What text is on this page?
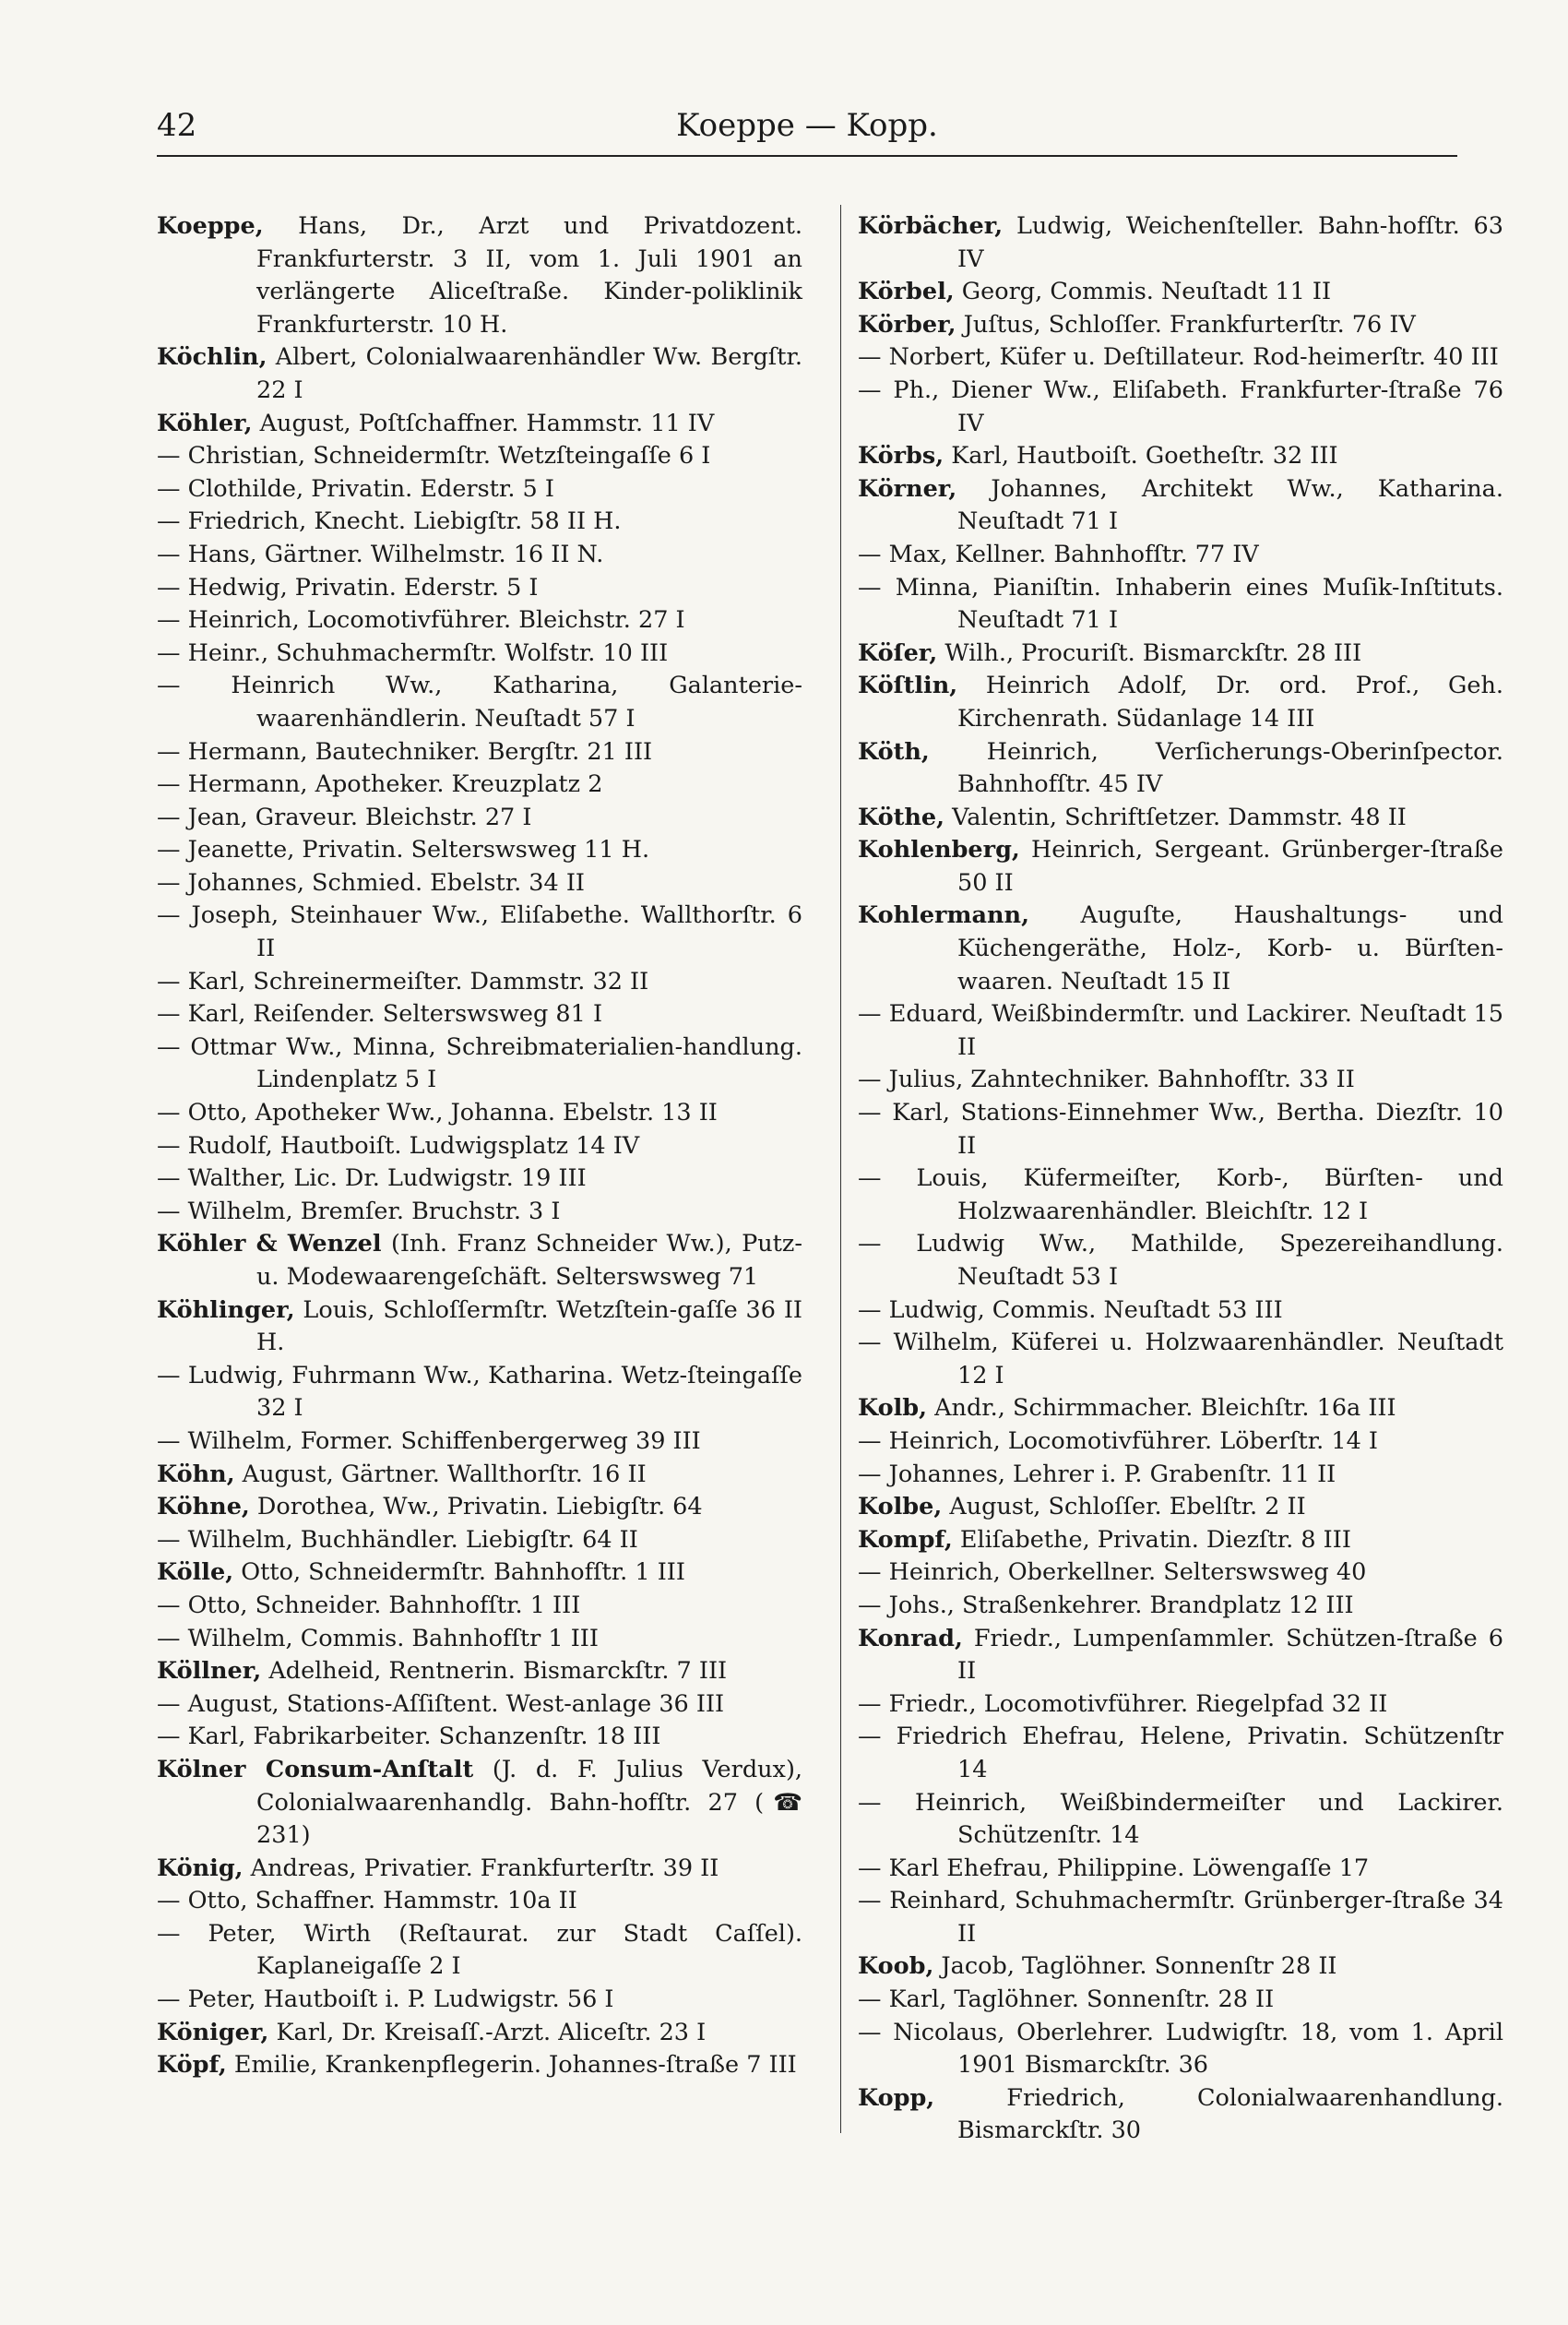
42	Koeppe — Kopp.
Koeppe, Hans, Dr., Arzt und Privatdozent. Frankfurterstr. 3 II, vom 1. Juli 1901 an verlängerte Aliceſtraße. Kinder-poliklinik Frankfurterstr. 10 H.
Köchlin, Albert, Colonialwaarenhändler Ww. Bergſtr. 22 I
Köhler, August, Poſtſchaffner. Hammstr. 11 IV
— Christian, Schneidermſtr. Wetzſteingaſſe 6 I
— Clothilde, Privatin. Ederstr. 5 I
— Friedrich, Knecht. Liebigſtr. 58 II H.
— Hans, Gärtner. Wilhelmstr. 16 II N.
— Hedwig, Privatin. Ederstr. 5 I
— Heinrich, Locomotivführer. Bleichstr. 27 I
— Heinr., Schuhmachermſtr. Wolfstr. 10 III
— Heinrich Ww., Katharina, Galanterie-waarenhändlerin. Neuſtadt 57 I
— Hermann, Bautechniker. Bergſtr. 21 III
— Hermann, Apotheker. Kreuzplatz 2
— Jean, Graveur. Bleichstr. 27 I
— Jeanette, Privatin. Selterswsweg 11 H.
— Johannes, Schmied. Ebelstr. 34 II
— Joseph, Steinhauer Ww., Eliſabethe. Wallthorſtr. 6 II
— Karl, Schreinermeiſter. Dammstr. 32 II
— Karl, Reiſender. Selterswsweg 81 I
— Ottmar Ww., Minna, Schreibmaterialien-handlung. Lindenplatz 5 I
— Otto, Apotheker Ww., Johanna. Ebelstr. 13 II
— Rudolf, Hautboiſt. Ludwigsplatz 14 IV
— Walther, Lic. Dr. Ludwigstr. 19 III
— Wilhelm, Bremſer. Bruchstr. 3 I
Köhler & Wenzel (Inh. Franz Schneider Ww.), Putz- u. Modewaarengeſchäft. Selterswsweg 71
Köhlinger, Louis, Schloſſermſtr. Wetzſtein-gaſſe 36 II H.
— Ludwig, Fuhrmann Ww., Katharina. Wetz-ſteingaſſe 32 I
— Wilhelm, Former. Schiffenbergerweg 39 III
Köhn, August, Gärtner. Wallthorſtr. 16 II
Köhne, Dorothea, Ww., Privatin. Liebigſtr. 64
— Wilhelm, Buchhändler. Liebigſtr. 64 II
Kölle, Otto, Schneidermſtr. Bahnhofſtr. 1 III
— Otto, Schneider. Bahnhofſtr. 1 III
— Wilhelm, Commis. Bahnhofſtr 1 III
Köllner, Adelheid, Rentnerin. Bismarckſtr. 7 III
— August, Stations-Aſſiſtent. West-anlage 36 III
— Karl, Fabrikarbeiter. Schanzenſtr. 18 III
Kölner Consum-Anſtalt (J. d. F. Julius Verdux), Colonialwaarenhandlg. Bahn-hofſtr. 27 (☎ 231)
König, Andreas, Privatier. Frankfurterſtr. 39 II
— Otto, Schaffner. Hammstr. 10a II
— Peter, Wirth (Reſtaurat. zur Stadt Caſſel). Kaplaneigaſſe 2 I
— Peter, Hautboiſt i. P. Ludwigstr. 56 I
Königer, Karl, Dr. Kreisaſſ.-Arzt. Aliceſtr. 23 I
Köpf, Emilie, Krankenpflegerin. Johannes-ſtraße 7 III
Körbächer, Ludwig, Weichenſteller. Bahn-hofſtr. 63 IV
Körbel, Georg, Commis. Neuſtadt 11 II
Körber, Juſtus, Schloſſer. Frankfurterſtr. 76 IV
— Norbert, Küfer u. Deſtillateur. Rod-heimerſtr. 40 III
— Ph., Diener Ww., Eliſabeth. Frankfurter-ſtraße 76 IV
Körbs, Karl, Hautboiſt. Goetheſtr. 32 III
Körner, Johannes, Architekt Ww., Katharina. Neuſtadt 71 I
— Max, Kellner. Bahnhofſtr. 77 IV
— Minna, Pianiſtin. Inhaberin eines Muſik-Inſtituts. Neuſtadt 71 I
Köſer, Wilh., Procuriſt. Bismarckſtr. 28 III
Köſtlin, Heinrich Adolf, Dr. ord. Prof., Geh. Kirchenrath. Südanlage 14 III
Köth, Heinrich, Verſicherungs-Oberinſpector. Bahnhofſtr. 45 IV
Köthe, Valentin, Schriftſetzer. Dammstr. 48 II
Kohlenberg, Heinrich, Sergeant. Grünberger-ſtraße 50 II
Kohlermann, Auguſte, Haushaltungs- und Küchengeräthe, Holz-, Korb- u. Bürſten-waaren. Neuſtadt 15 II
— Eduard, Weißbindermſtr. und Lackirer. Neuſtadt 15 II
— Julius, Zahntechniker. Bahnhofſtr. 33 II
— Karl, Stations-Einnehmer Ww., Bertha. Diezſtr. 10 II
— Louis, Küfermeiſter, Korb-, Bürſten- und Holzwaarenhändler. Bleichſtr. 12 I
— Ludwig Ww., Mathilde, Spezereihandlung. Neuſtadt 53 I
— Ludwig, Commis. Neuſtadt 53 III
— Wilhelm, Küferei u. Holzwaarenhändler. Neuſtadt 12 I
Kolb, Andr., Schirmmacher. Bleichſtr. 16a III
— Heinrich, Locomotivführer. Löberſtr. 14 I
— Johannes, Lehrer i. P. Grabenſtr. 11 II
Kolbe, August, Schloſſer. Ebelſtr. 2 II
Kompf, Eliſabethe, Privatin. Diezſtr. 8 III
— Heinrich, Oberkellner. Selterswsweg 40
— Johs., Straßenkehrer. Brandplatz 12 III
Konrad, Friedr., Lumpenſammler. Schützen-ſtraße 6 II
— Friedr., Locomotivführer. Riegelpfad 32 II
— Friedrich Ehefrau, Helene, Privatin. Schützenſtr 14
— Heinrich, Weißbindermeiſter und Lackirer. Schützenſtr. 14
— Karl Ehefrau, Philippine. Löwengaſſe 17
— Reinhard, Schuhmachermſtr. Grünberger-ſtraße 34 II
Koob, Jacob, Taglöhner. Sonnenſtr 28 II
— Karl, Taglöhner. Sonnenſtr. 28 II
— Nicolaus, Oberlehrer. Ludwigſtr. 18, vom 1. April 1901 Bismarckſtr. 36
Kopp, Friedrich, Colonialwaarenhandlung. Bismarckſtr. 30
